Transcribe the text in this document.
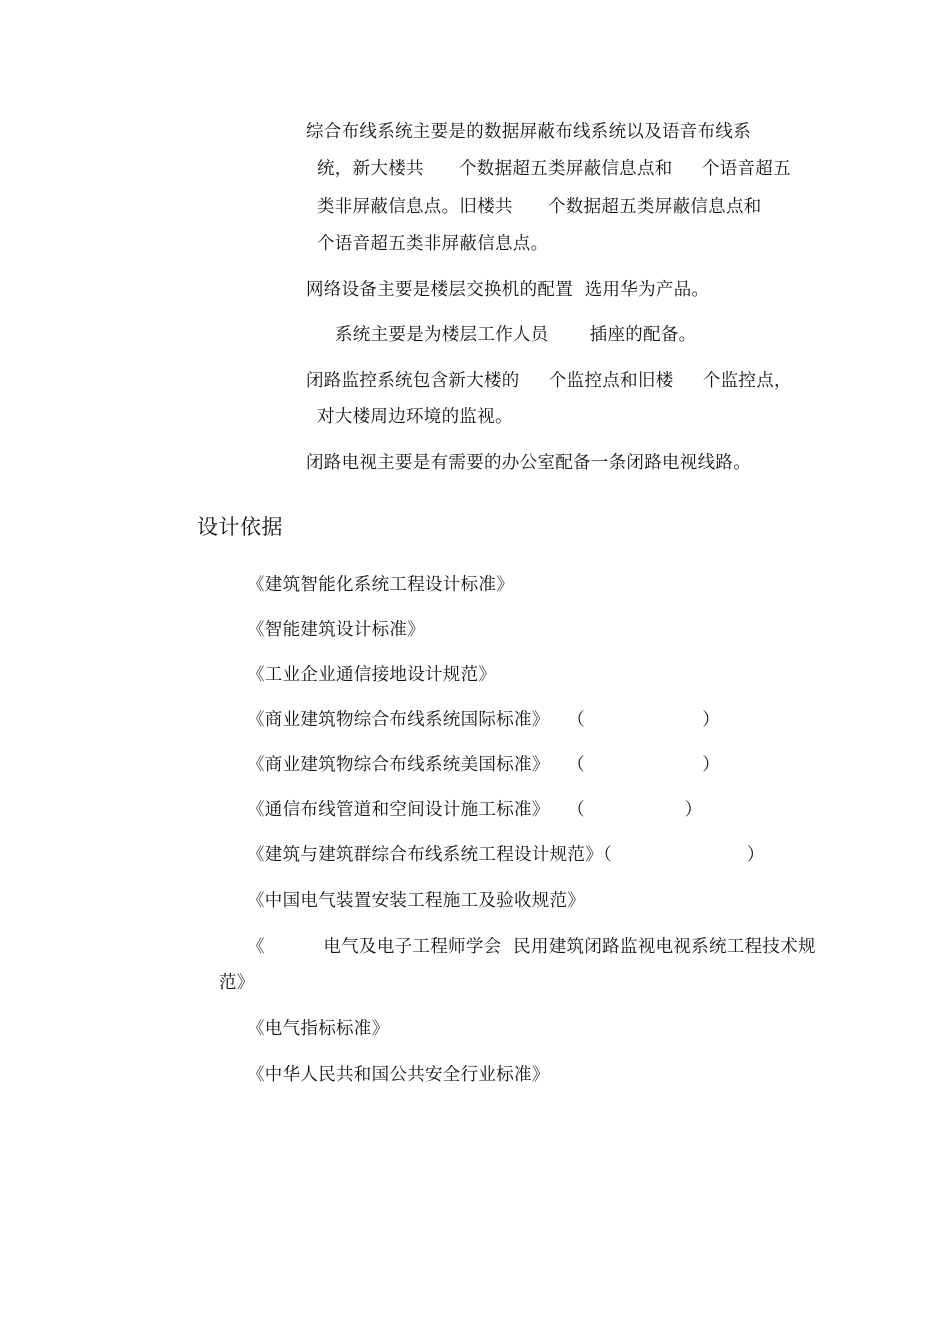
综合布线系统主要是的数据屏蔽布线系统以及语音布线系
统，新大楼共      个数据超五类屏蔽信息点和     个语音超五
类非屏蔽信息点。旧楼共      个数据超五类屏蔽信息点和
个语音超五类非屏蔽信息点。
网络设备主要是楼层交换机的配置  选用华为产品。
系统主要是为楼层工作人员       插座的配备。
闭路监控系统包含新大楼的     个监控点和旧楼     个监控点，
对大楼周边环境的监视。
闭路电视主要是有需要的办公室配备一条闭路电视线路。
设计依据
《建筑智能化系统工程设计标准》
《智能建筑设计标准》
《工业企业通信接地设计规范》
《商业建筑物综合布线系统国际标准》   （                    ）
《商业建筑物综合布线系统美国标准》   （                    ）
《通信布线管道和空间设计施工标准》   （                 ）
《建筑与建筑群综合布线系统工程设计规范》（                       ）
《中国电气装置安装工程施工及验收规范》
《          电气及电子工程师学会  民用建筑闭路监视电视系统工程技术规
范》
《电气指标标准》
《中华人民共和国公共安全行业标准》
